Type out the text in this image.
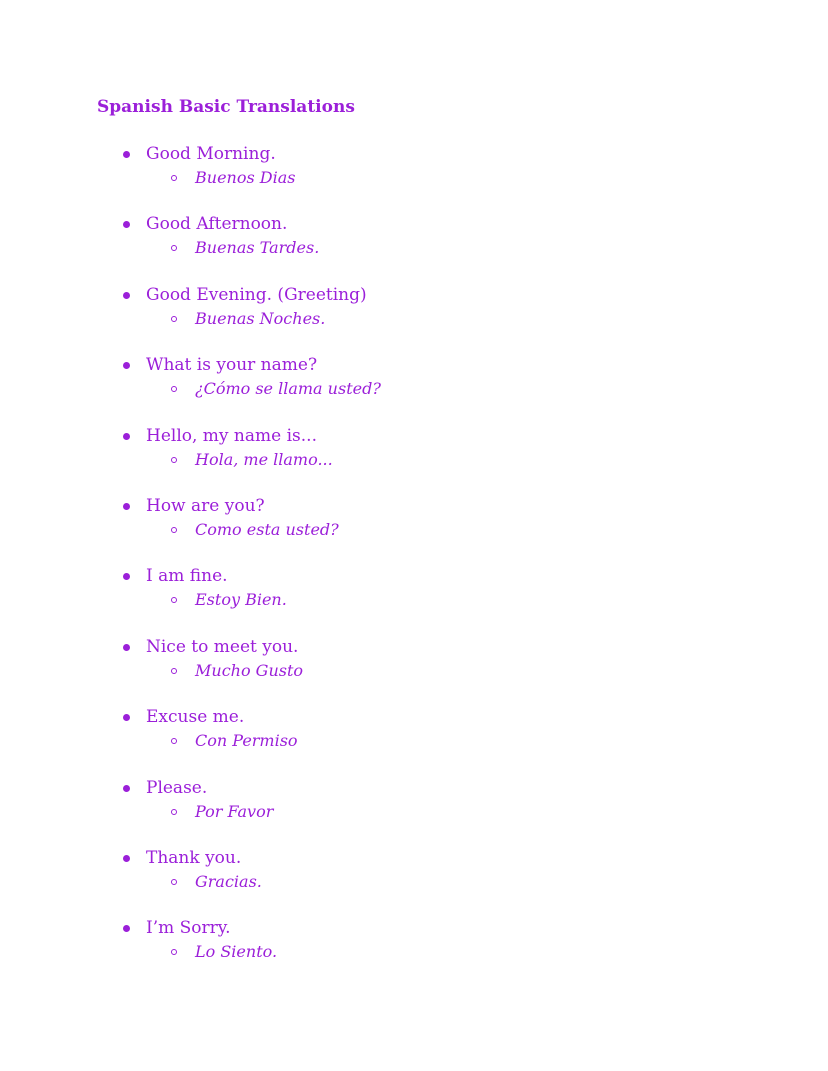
Spanish Basic Translations
Good Morning.
Buenos Dias
Good Afternoon.
Buenas Tardes.
Good Evening. (Greeting)
Buenas Noches.
What is your name?
¿Cómo se llama usted?
Hello, my name is...
Hola, me llamo...
How are you?
Como esta usted?
I am fine.
Estoy Bien.
Nice to meet you.
Mucho Gusto
Excuse me.
Con Permiso
Please.
Por Favor
Thank you.
Gracias.
I’m Sorry.
Lo Siento.
